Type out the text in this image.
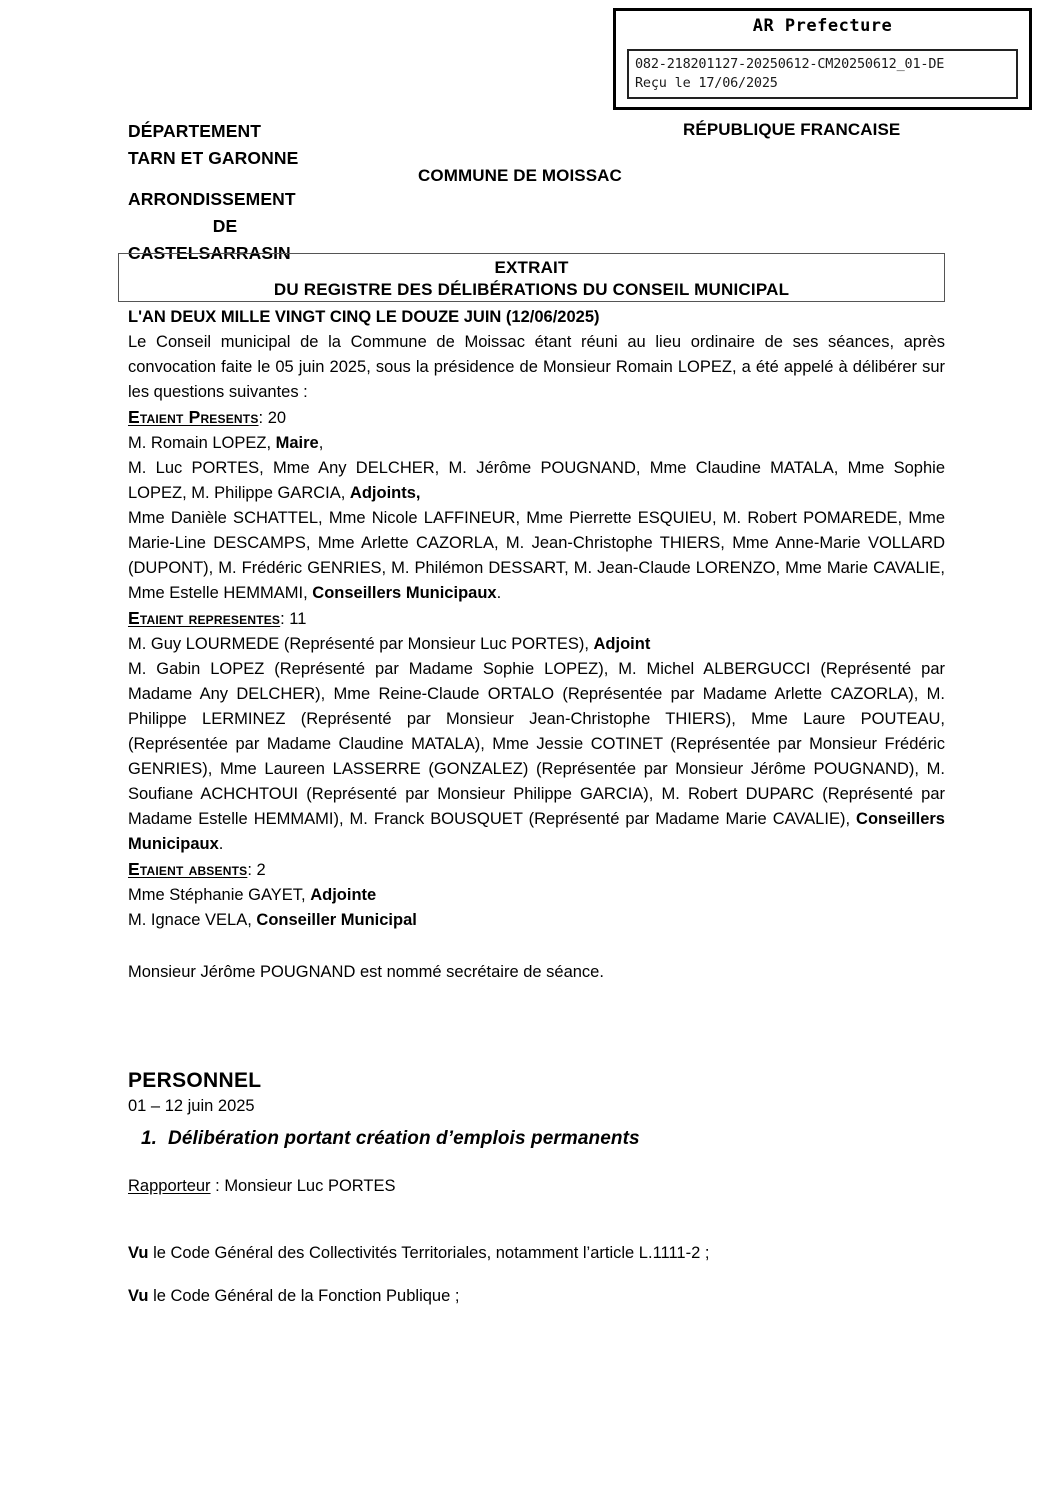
AR Prefecture
082-218201127-20250612-CM20250612_01-DE
Reçu le 17/06/2025
DÉPARTEMENT
TARN ET GARONNE
ARRONDISSEMENT
DE
CASTELSARRASIN
RÉPUBLIQUE FRANCAISE
COMMUNE DE MOISSAC
EXTRAIT
DU REGISTRE DES DÉLIBÉRATIONS DU CONSEIL MUNICIPAL
L'AN DEUX MILLE VINGT CINQ LE DOUZE JUIN (12/06/2025)
Le Conseil municipal de la Commune de Moissac étant réuni au lieu ordinaire de ses séances, après convocation faite le 05 juin 2025, sous la présidence de Monsieur Romain LOPEZ, a été appelé à délibérer sur les questions suivantes :
Etaient Presents: 20
M. Romain LOPEZ, Maire,
M. Luc PORTES, Mme Any DELCHER, M. Jérôme POUGNAND, Mme Claudine MATALA, Mme Sophie LOPEZ, M. Philippe GARCIA, Adjoints,
Mme Danièle SCHATTEL, Mme Nicole LAFFINEUR, Mme Pierrette ESQUIEU, M. Robert POMAREDE, Mme Marie-Line DESCAMPS, Mme Arlette CAZORLA, M. Jean-Christophe THIERS, Mme Anne-Marie VOLLARD (DUPONT), M. Frédéric GENRIES, M. Philémon DESSART, M. Jean-Claude LORENZO, Mme Marie CAVALIE, Mme Estelle HEMMAMI, Conseillers Municipaux.
Etaient representes: 11
M. Guy LOURMEDE (Représenté par Monsieur Luc PORTES), Adjoint
M. Gabin LOPEZ (Représenté par Madame Sophie LOPEZ), M. Michel ALBERGUCCI (Représenté par Madame Any DELCHER), Mme Reine-Claude ORTALO (Représentée par Madame Arlette CAZORLA), M. Philippe LERMINEZ (Représenté par Monsieur Jean-Christophe THIERS), Mme Laure POUTEAU, (Représentée par Madame Claudine MATALA), Mme Jessie COTINET (Représentée par Monsieur Frédéric GENRIES), Mme Laureen LASSERRE (GONZALEZ) (Représentée par Monsieur Jérôme POUGNAND), M. Soufiane ACHCHTOUI (Représenté par Monsieur Philippe GARCIA), M. Robert DUPARC (Représenté par Madame Estelle HEMMAMI), M. Franck BOUSQUET (Représenté par Madame Marie CAVALIE), Conseillers Municipaux.
Etaient absents: 2
Mme Stéphanie GAYET, Adjointe
M. Ignace VELA, Conseiller Municipal
Monsieur Jérôme POUGNAND est nommé secrétaire de séance.
PERSONNEL
01 – 12 juin 2025
1. Délibération portant création d’emplois permanents
Rapporteur : Monsieur Luc PORTES
Vu le Code Général des Collectivités Territoriales, notamment l’article L.1111-2 ;
Vu le Code Général de la Fonction Publique ;
